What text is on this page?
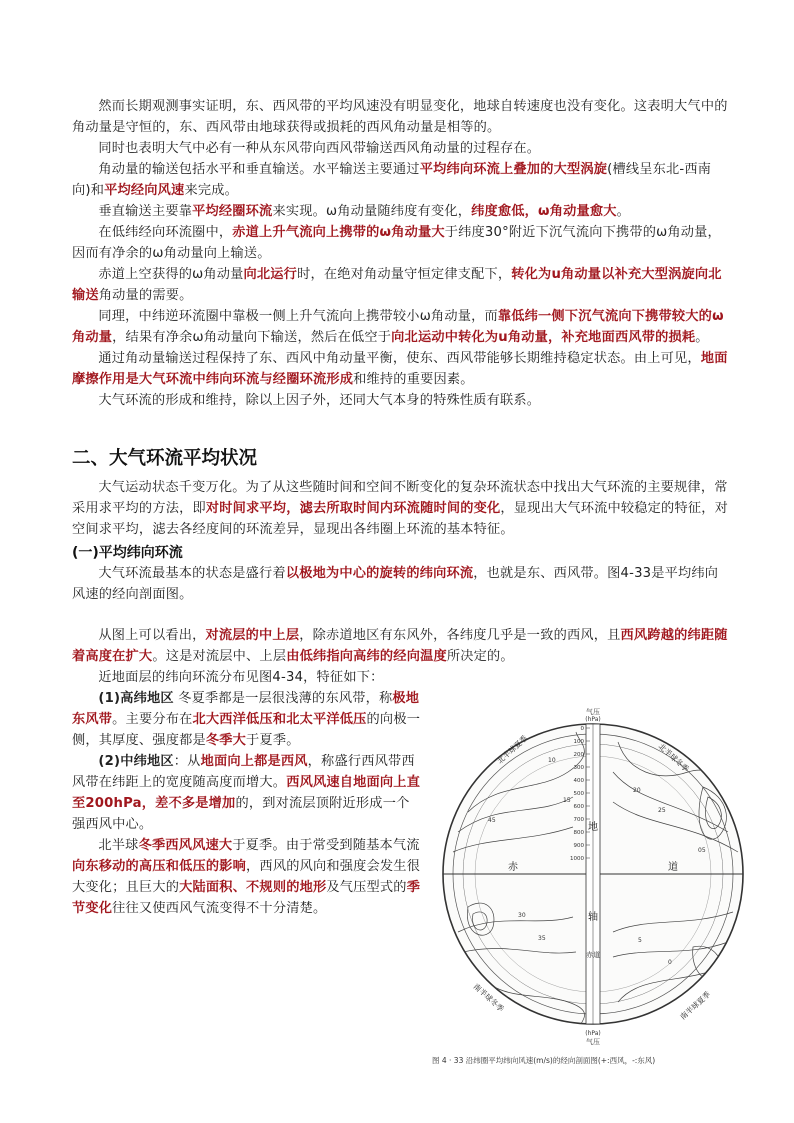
然而长期观测事实证明，东、西风带的平均风速没有明显变化，地球自转速度也没有变化。这表明大气中的角动量是守恒的，东、西风带由地球获得或损耗的西风角动量是相等的。

同时也表明大气中必有一种从东风带向西风带输送西风角动量的过程存在。

角动量的输送包括水平和垂直输送。水平输送主要通过平均纬向环流上叠加的大型涡旋(槽线呈东北-西南向)和平均经向风速来完成。

垂直输送主要靠平均经圈环流来实现。ω角动量随纬度有变化，纬度愈低，ω角动量愈大。

在低纬经向环流圈中，赤道上升气流向上携带的ω角动量大于纬度30°附近下沉气流向下携带的ω角动量，因而有净余的ω角动量向上输送。

赤道上空获得的ω角动量向北运行时，在绝对角动量守恒定律支配下，转化为u角动量以补充大型涡旋向北输送角动量的需要。

同理，中纬逆环流圈中靠极一侧上升气流向上携带较小ω角动量，而靠低纬一侧下沉气流向下携带较大的ω角动量，结果有净余ω角动量向下输送，然后在低空于向北运动中转化为u角动量，补充地面西风带的损耗。

通过角动量输送过程保持了东、西风中角动量平衡，使东、西风带能够长期维持稳定状态。由上可见，地面摩擦作用是大气环流中纬向环流与经圈环流形成和维持的重要因素。

大气环流的形成和维持，除以上因子外，还同大气本身的特殊性质有联系。

二、大气环流平均状况

大气运动状态千变万化。为了从这些随时间和空间不断变化的复杂环流状态中找出大气环流的主要规律，常采用求平均的方法，即对时间求平均，滤去所取时间内环流随时间的变化，显现出大气环流中较稳定的特征，对空间求平均，滤去各经度间的环流差异，显现出各纬圈上环流的基本特征。

(一)平均纬向环流

大气环流最基本的状态是盛行着以极地为中心的旋转的纬向环流，也就是东、西风带。图4-33是平均纬向风速的经向剖面图。

从图上可以看出，对流层的中上层，除赤道地区有东风外，各纬度几乎是一致的西风，且西风跨越的纬距随着高度在扩大。这是对流层中、上层由低纬指向高纬的经向温度所决定的。

近地面层的纬向环流分布见图4-34，特征如下：

(1)高纬地区 冬夏季都是一层很浅薄的东风带，称极地东风带。主要分布在北大西洋低压和北太平洋低压的向极一侧，其厚度、强度都是冬季大于夏季。

(2)中纬地区：从地面向上都是西风，称盛行西风带西风带在纬距上的宽度随高度而增大。西风风速自地面向上直至200hPa，差不多是增加的，到对流层顶附近形成一个强西风中心。

北半球冬季西风风速大于夏季。由于常受到随基本气流向东移动的高压和低压的影响，西风的风向和强度会发生很大变化；且巨大的大陆面积、不规则的地形及气压型式的季节变化往往又使西风气流变得不十分清楚。

0
100
200
300
400
500
600
700
800
900
1000
气压
(hPa)
地
轴
赤	道
北半球夏季	北半球冬季
南半球冬季	南半球夏季
(hPa)
气压
赤道
10
15
20
25
30
35	5
0
45
05
图 4 · 33 沿纬圈平均纬向风速(m/s)的经向剖面图(+:西风，-:东风)
